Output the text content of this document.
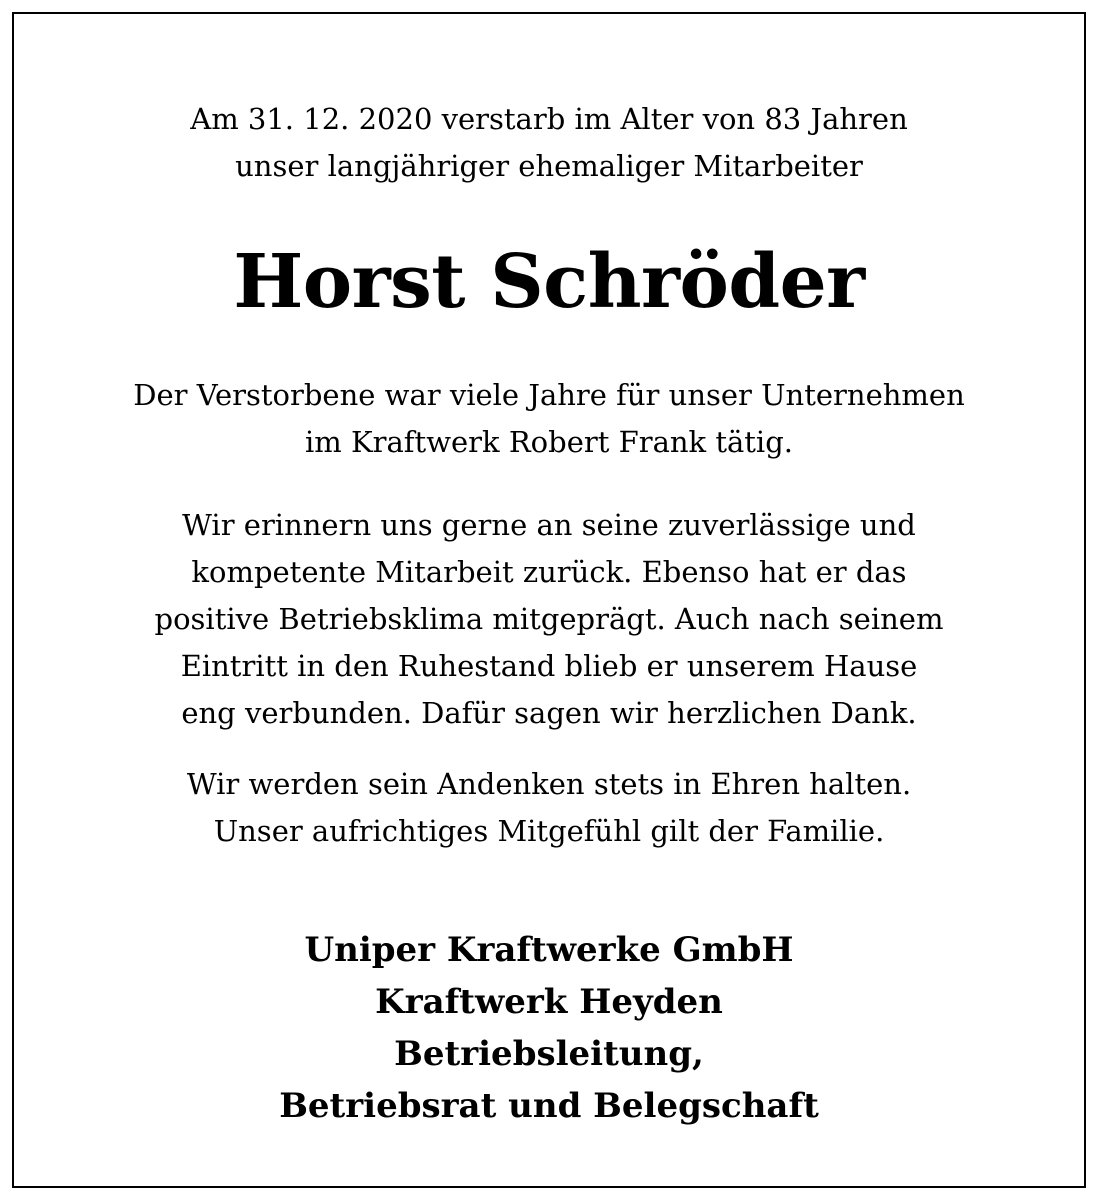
Am 31. 12. 2020 verstarb im Alter von 83 Jahren
unser langjähriger ehemaliger Mitarbeiter
Horst Schröder
Der Verstorbene war viele Jahre für unser Unternehmen
im Kraftwerk Robert Frank tätig.
Wir erinnern uns gerne an seine zuverlässige und
kompetente Mitarbeit zurück. Ebenso hat er das
positive Betriebsklima mitgeprägt. Auch nach seinem
Eintritt in den Ruhestand blieb er unserem Hause
eng verbunden. Dafür sagen wir herzlichen Dank.
Wir werden sein Andenken stets in Ehren halten.
Unser aufrichtiges Mitgefühl gilt der Familie.
Uniper Kraftwerke GmbH
Kraftwerk Heyden
Betriebsleitung,
Betriebsrat und Belegschaft
